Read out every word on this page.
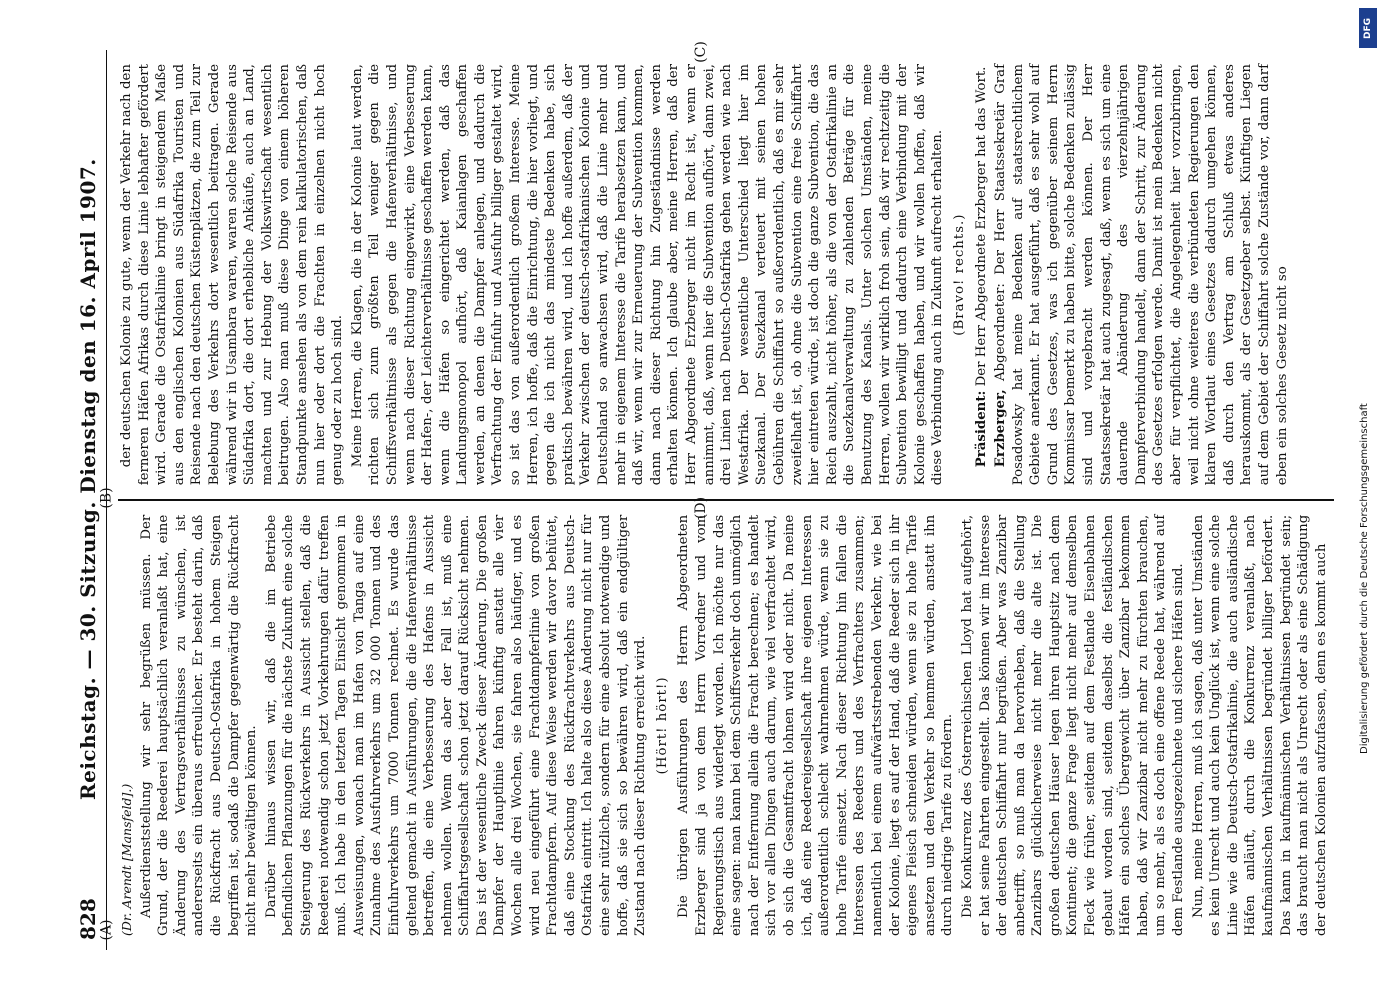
828
Reichstag. — 30. Sitzung. Dienstag den 16. April 1907.

(Dr. Arendt [Mansfeld].) Außerdienststellung wir sehr begrüßen müssen. Der Grund, der die Reederei hauptsächlich veranlaßt hat, eine Änderung des Vertragsverhältnisses zu wünschen, ist andererseits ein überaus erfreulicher. Er besteht darin, daß die Rückfracht aus Deutsch-Ostafrika in hohem Steigen begriffen ist, sodaß die Dampfer gegenwärtig die Rückfracht nicht mehr bewältigen können. Darüber hinaus wissen wir, daß die im Betriebe befindlichen Pflanzungen für die nächste Zukunft eine solche Steigerung des Rückverkehrs in Aussicht stellen, daß die Reederei notwendig schon jetzt Vorkehrungen dafür treffen muß. Ich habe in den letzten Tagen Einsicht genommen in Ausweisungen, wonach man im Hafen von Tanga auf eine Zunahme des Ausfuhrverkehrs um 32 000 Tonnen und des Einfuhrverkehrs um 7000 Tonnen rechnet. Es wurde das geltend gemacht in Ausführungen, die die Hafenverhältnisse betreffen, die eine Verbesserung des Hafens in Aussicht nehmen wollen. Wenn das aber der Fall ist, muß eine Schiffahrtsgesellschaft schon jetzt darauf Rücksicht nehmen. Das ist der wesentliche Zweck dieser Änderung. Die großen Dampfer der Hauptlinie fahren künftig anstatt alle vier Wochen alle drei Wochen, sie fahren also häufiger, und es wird neu eingeführt eine Frachtdampferlinie von großen Frachtdampfern. Auf diese Weise werden wir davor behütet, daß eine Stockung des Rückfrachtverkehrs aus Deutsch-Ostafrika eintritt. Ich halte also diese Änderung nicht nur für eine sehr nützliche, sondern für eine absolut notwendige und hoffe, daß sie sich so bewähren wird, daß ein endgültiger Zustand nach dieser Richtung erreicht wird. (Hört! hört!) Die übrigen Ausführungen des Herrn Abgeordneten Erzberger sind ja von dem Herrn Vorredner und vom Regierungstisch aus widerlegt worden. Ich möchte nur das eine sagen: man kann bei dem Schiffsverkehr doch unmöglich nach der Entfernung allein die Fracht berechnen; es handelt sich vor allen Dingen auch darum, wie viel verfrachtet wird, ob sich die Gesamtfracht lohnen wird oder nicht. Da meine ich, daß eine Reedereigesellschaft ihre eigenen Interessen außerordentlich schlecht wahrnehmen würde, wenn sie zu hohe Tarife einsetzt. Nach dieser Richtung hin fallen die Interessen des Reeders und des Verfrachters zusammen; namentlich bei einem aufwärtsstrebenden Verkehr, wie bei der Kolonie, liegt es auf der Hand, daß die Reeder sich in ihr eigenes Fleisch schneiden würden, wenn sie zu hohe Tarife ansetzen und den Verkehr so hemmen würden, anstatt ihn durch niedrige Tarife zu fördern. Die Konkurrenz des Österreichischen Lloyd hat aufgehört, er hat seine Fahrten eingestellt. Das können wir im Interesse der deutschen Schiffahrt nur begrüßen. Aber was Zanzibar anbetrifft, so muß man da hervorheben, daß die Stellung Zanzibars glücklicherweise nicht mehr die alte ist. Die großen deutschen Häuser legen ihren Hauptsitz nach dem Kontinent; die ganze Frage liegt nicht mehr auf demselben Fleck wie früher, seitdem auf dem Festlande Eisenbahnen gebaut worden sind, seitdem daselbst die festländischen Häfen ein solches Übergewicht über Zanzibar bekommen haben, daß wir Zanzibar nicht mehr zu fürchten brauchen, um so mehr, als es doch eine offene Reede hat, während auf dem Festlande ausgezeichnete und sichere Häfen sind. Nun, meine Herren, muß ich sagen, daß unter Umständen es kein Unrecht und auch kein Unglück ist, wenn eine solche Linie wie die Deutsch-Ostafrikalinie, die auch ausländische Häfen anläuft, durch die Konkurrenz veranlaßt, nach kaufmännischen Verhältnissen begründet billiger befördert. Das kann in kaufmännischen Verhältnissen begründet sein; das braucht man nicht als Unrecht oder als eine Schädigung der deutschen Kolonien aufzufassen, denn es kommt auch

der deutschen Kolonie zu gute, wenn der Verkehr nach den ferneren Häfen Afrikas durch diese Linie lebhafter gefördert wird. Gerade die Ostafrikalinie bringt in steigendem Maße aus den englischen Kolonien aus Südafrika Touristen und Reisende nach den deutschen Küstenplätzen, die zum Teil zur Belebung des Verkehrs dort wesentlich beitragen. Gerade während wir in Usambara waren, waren solche Reisende aus Südafrika dort, die dort erhebliche Ankäufe, auch an Land, machten und zur Hebung der Volkswirtschaft wesentlich beitrugen. Also man muß diese Dinge von einem höheren Standpunkte ansehen als von dem rein kalkulatorischen, daß nun hier oder dort die Frachten in einzelnen nicht hoch genug oder zu hoch sind. Meine Herren, die Klagen, die in der Kolonie laut werden, richten sich zum größten Teil weniger gegen die Schiffsverhältnisse als gegen die Hafenverhältnisse, und wenn nach dieser Richtung eingewirkt, eine Verbesserung der Hafen-, der Leichterverhältnisse geschaffen werden kann, wenn die Häfen so eingerichtet werden, daß das Landungsmonopol aufhört, daß Kaianlagen geschaffen werden, an denen die Dampfer anlegen, und dadurch die Verfrachtung der Einfuhr und Ausfuhr billiger gestaltet wird, so ist das von außerordentlich großem Interesse. Meine Herren, ich hoffe, daß die Einrichtung, die hier vorliegt, und gegen die ich nicht das mindeste Bedenken habe, sich praktisch bewähren wird, und ich hoffe außerdem, daß der Verkehr zwischen der deutsch-ostafrikanischen Kolonie und Deutschland so anwachsen wird, daß die Linie mehr und mehr in eigenem Interesse die Tarife herabsetzen kann, und daß wir, wenn wir zur Erneuerung der Subvention kommen, dann nach dieser Richtung hin Zugeständnisse werden erhalten können. Ich glaube aber, meine Herren, daß der Herr Abgeordnete Erzberger nicht im Recht ist, wenn er annimmt, daß, wenn hier die Subvention aufhört, dann zwei, drei Linien nach Deutsch-Ostafrika gehen werden wie nach Westafrika. Der wesentliche Unterschied liegt hier im Suezkanal. Der Suezkanal verteuert mit seinen hohen Gebühren die Schiffahrt so außerordentlich, daß es mir sehr zweifelhaft ist, ob ohne die Subvention eine freie Schiffahrt hier eintreten würde, ist doch die ganze Subvention, die das Reich auszahlt, nicht höher, als die von der Ostafrikalinie an die Suezkanalverwaltung zu zahlenden Beträge für die Benutzung des Kanals. Unter solchen Umständen, meine Herren, wollen wir wirklich froh sein, daß wir rechtzeitig die Subvention bewilligt und dadurch eine Verbindung mit der Kolonie geschaffen haben, und wir wollen hoffen, daß wir diese Verbindung auch in Zukunft aufrecht erhalten. (Bravo! rechts.)

Präsident: Der Herr Abgeordnete Erzberger hat das Wort.

Erzberger, Abgeordneter: Der Herr Staatssekretär Graf Posadowsky hat meine Bedenken auf staatsrechtlichem Gebiete anerkannt. Er hat ausgeführt, daß es sehr wohl auf Grund des Gesetzes, was ich gegenüber seinem Herrn Kommissar bemerkt zu haben bitte, solche Bedenken zulässig sind und vorgebracht werden können. Der Herr Staatssekretär hat auch zugesagt, daß, wenn es sich um eine dauernde Abänderung des vierzehnjährigen Dampferverbindung handelt, dann der Schritt, zur Änderung des Gesetzes erfolgen werde. Damit ist mein Bedenken nicht aber für verpflichtet, die Angelegenheit hier vorzubringen, weil nicht ohne weiteres die verbündeten Regierungen den klaren Wortlaut eines Gesetzes dadurch umgehen können, daß durch den Vertrag am Schluß etwas anderes herauskommt, als der Gesetzgeber selbst. Künftigen Liegen auf dem Gebiet der Schiffahrt solche Zustände vor, dann darf eben ein solches Gesetz nicht so

(A)
(B)
(C)
(D)
DFG
Digitalisierung gefördert durch die Deutsche Forschungsgemeinschaft
